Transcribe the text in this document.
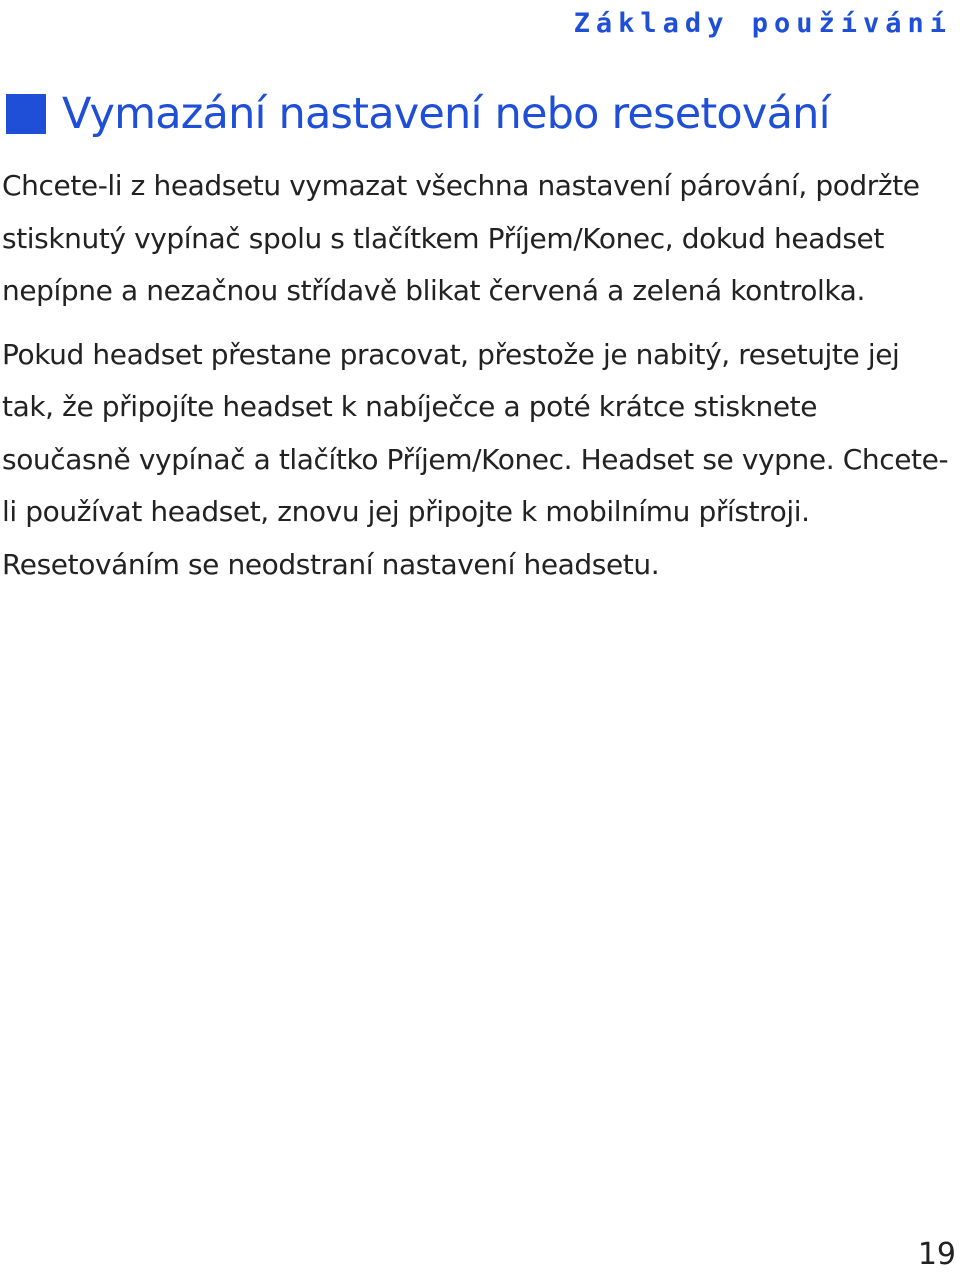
Základy používání
Vymazání nastavení nebo resetování

Chcete-li z headsetu vymazat všechna nastavení párování, podržte stisknutý vypínač spolu s tlačítkem Příjem/Konec, dokud headset nepípne a nezačnou střídavě blikat červená a zelená kontrolka.

Pokud headset přestane pracovat, přestože je nabitý, resetujte jej tak, že připojíte headset k nabíječce a poté krátce stisknete současně vypínač a tlačítko Příjem/Konec. Headset se vypne. Chcete-li používat headset, znovu jej připojte k mobilnímu přístroji. Resetováním se neodstraní nastavení headsetu.

19
